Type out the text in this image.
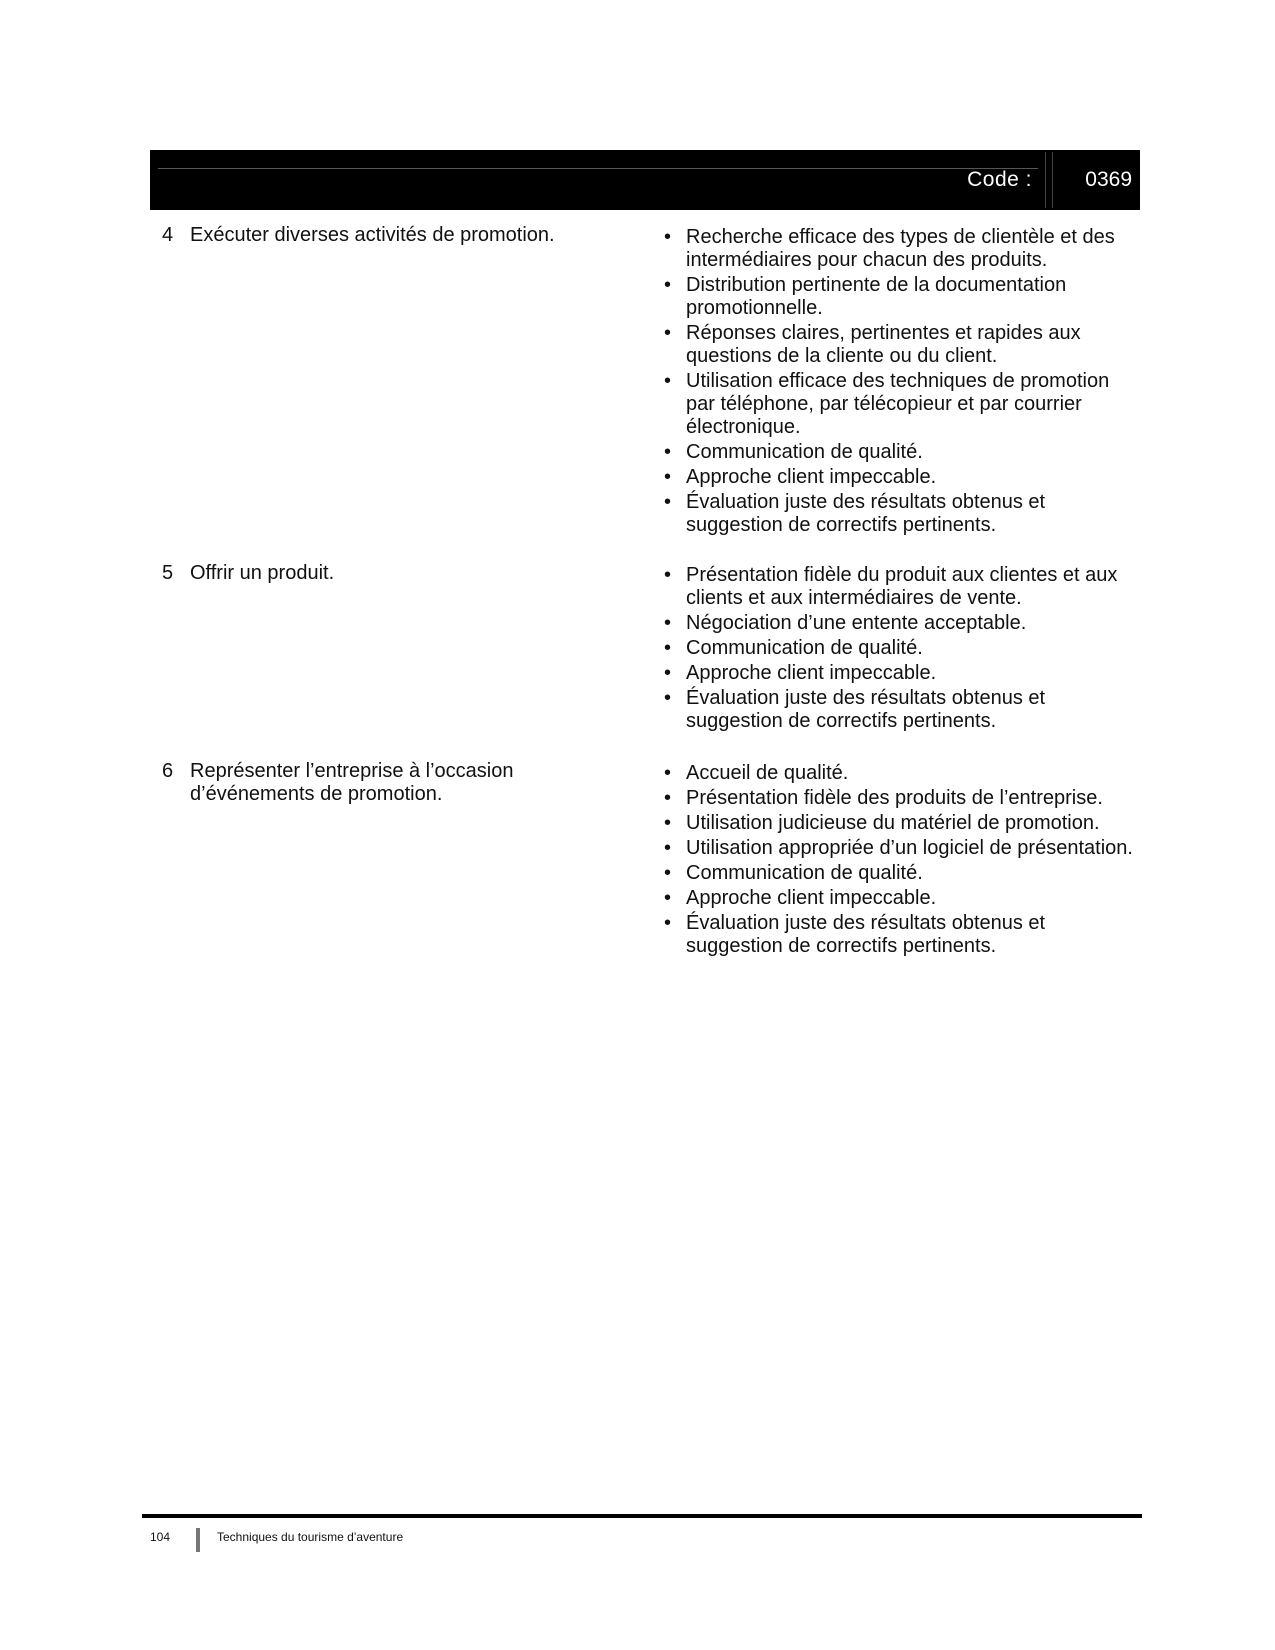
Code :	0369
4 Exécuter diverses activités de promotion.	• Recherche efficace des types de clientèle et des intermédiaires pour chacun des produits.
• Distribution pertinente de la documentation promotionnelle.
• Réponses claires, pertinentes et rapides aux questions de la cliente ou du client.
• Utilisation efficace des techniques de promotion par téléphone, par télécopieur et par courrier électronique.
• Communication de qualité.
• Approche client impeccable.
• Évaluation juste des résultats obtenus et suggestion de correctifs pertinents.
5 Offrir un produit.	• Présentation fidèle du produit aux clientes et aux clients et aux intermédiaires de vente.
• Négociation d’une entente acceptable.
• Communication de qualité.
• Approche client impeccable.
• Évaluation juste des résultats obtenus et suggestion de correctifs pertinents.
6 Représenter l’entreprise à l’occasion d’événements de promotion.
• Accueil de qualité.
• Présentation fidèle des produits de l’entreprise.
• Utilisation judicieuse du matériel de promotion.
• Utilisation appropriée d’un logiciel de présentation.
• Communication de qualité.
• Approche client impeccable.
• Évaluation juste des résultats obtenus et suggestion de correctifs pertinents.
104	Techniques du tourisme d’aventure
